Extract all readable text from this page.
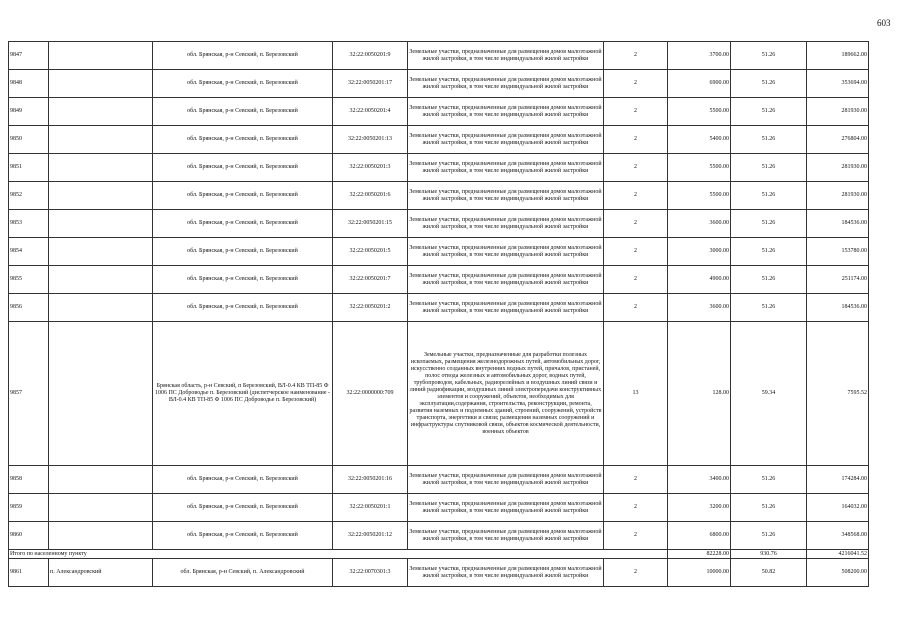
603
9847		обл. Брянская, р-н Севский, п. Березовский	32:22:0050201:9	Земельные участки, предназначенные для размещения домов малоэтажной жилой застройки, в том числе индивидуальной жилой застройки	2	3700.00	51.26	189662.00
9848		обл. Брянская, р-н Севский, п. Березовский	32:22:0050201:17	Земельные участки, предназначенные для размещения домов малоэтажной жилой застройки, в том числе индивидуальной жилой застройки	2	6900.00	51.26	353694.00
9849		обл. Брянская, р-н Севский, п. Березовский	32:22:0050201:4	Земельные участки, предназначенные для размещения домов малоэтажной жилой застройки, в том числе индивидуальной жилой застройки	2	5500.00	51.26	281930.00
9850		обл. Брянская, р-н Севский, п. Березовский	32:22:0050201:13	Земельные участки, предназначенные для размещения домов малоэтажной жилой застройки, в том числе индивидуальной жилой застройки	2	5400.00	51.26	276804.00
9851		обл. Брянская, р-н Севский, п. Березовский	32:22:0050201:3	Земельные участки, предназначенные для размещения домов малоэтажной жилой застройки, в том числе индивидуальной жилой застройки	2	5500.00	51.26	281930.00
9852		обл. Брянская, р-н Севский, п. Березовский	32:22:0050201:6	Земельные участки, предназначенные для размещения домов малоэтажной жилой застройки, в том числе индивидуальной жилой застройки	2	5500.00	51.26	281930.00
9853		обл. Брянская, р-н Севский, п. Березовский	32:22:0050201:15	Земельные участки, предназначенные для размещения домов малоэтажной жилой застройки, в том числе индивидуальной жилой застройки	2	3600.00	51.26	184536.00
9854		обл. Брянская, р-н Севский, п. Березовский	32:22:0050201:5	Земельные участки, предназначенные для размещения домов малоэтажной жилой застройки, в том числе индивидуальной жилой застройки	2	3000.00	51.26	153780.00
9855		обл. Брянская, р-н Севский, п. Березовский	32:22:0050201:7	Земельные участки, предназначенные для размещения домов малоэтажной жилой застройки, в том числе индивидуальной жилой застройки	2	4900.00	51.26	251174.00
9856		обл. Брянская, р-н Севский, п. Березовский	32:22:0050201:2	Земельные участки, предназначенные для размещения домов малоэтажной жилой застройки, в том числе индивидуальной жилой застройки	2	3600.00	51.26	184536.00
9857		Брянская область, р-н Севский, п Березовский, ВЛ-0.4 КВ ТП-85 Ф 1006 ПС Доброводье п. Березовский (диспетчерское наименование - ВЛ-0.4 КВ ТП-85 Ф 1006 ПС Доброводье п. Березовский)	32:22:0000000:709	Земельные участки, предназначенные для разработки полезных ископаемых, размещения железнодорожных путей, автомобильных дорог, искусственно созданных внутренних водных путей, причалов, пристаней, полос отвода железных и автомобильных дорог, водных путей, трубопроводов, кабельных, радиорелейных и воздушных линий связи и линий радиофикации, воздушных линий электропередачи конструктивных элементов и сооружений, объектов, необходимых для эксплуатации,содержания, строительства, реконструкции, ремонта, развития наземных и подземных зданий, строений, сооружений, устройств транспорта, энергетики и связи; размещения наземных сооружений и инфраструктуры спутниковой связи, объектов космической деятельности, военных объектов	13	128.00	59.34	7595.52
9858		обл. Брянская, р-н Севский, п. Березовский	32:22:0050201:16	Земельные участки, предназначенные для размещения домов малоэтажной жилой застройки, в том числе индивидуальной жилой застройки	2	3400.00	51.26	174284.00
9859		обл. Брянская, р-н Севский, п. Березовский	32:22:0050201:1	Земельные участки, предназначенные для размещения домов малоэтажной жилой застройки, в том числе индивидуальной жилой застройки	2	3200.00	51.26	164032.00
9860		обл. Брянская, р-н Севский, п. Березовский	32:22:0050201:12	Земельные участки, предназначенные для размещения домов малоэтажной жилой застройки, в том числе индивидуальной жилой застройки	2	6800.00	51.26	348568.00
Итого по населенному пункту						82228.00	930.76	4216041.52
9861	п. Александровский	обл. Брянская, р-н Севский, п. Александровский	32:22:0070301:3	Земельные участки, предназначенные для размещения домов малоэтажной жилой застройки, в том числе индивидуальной жилой застройки	2	10000.00	50.82	508200.00
